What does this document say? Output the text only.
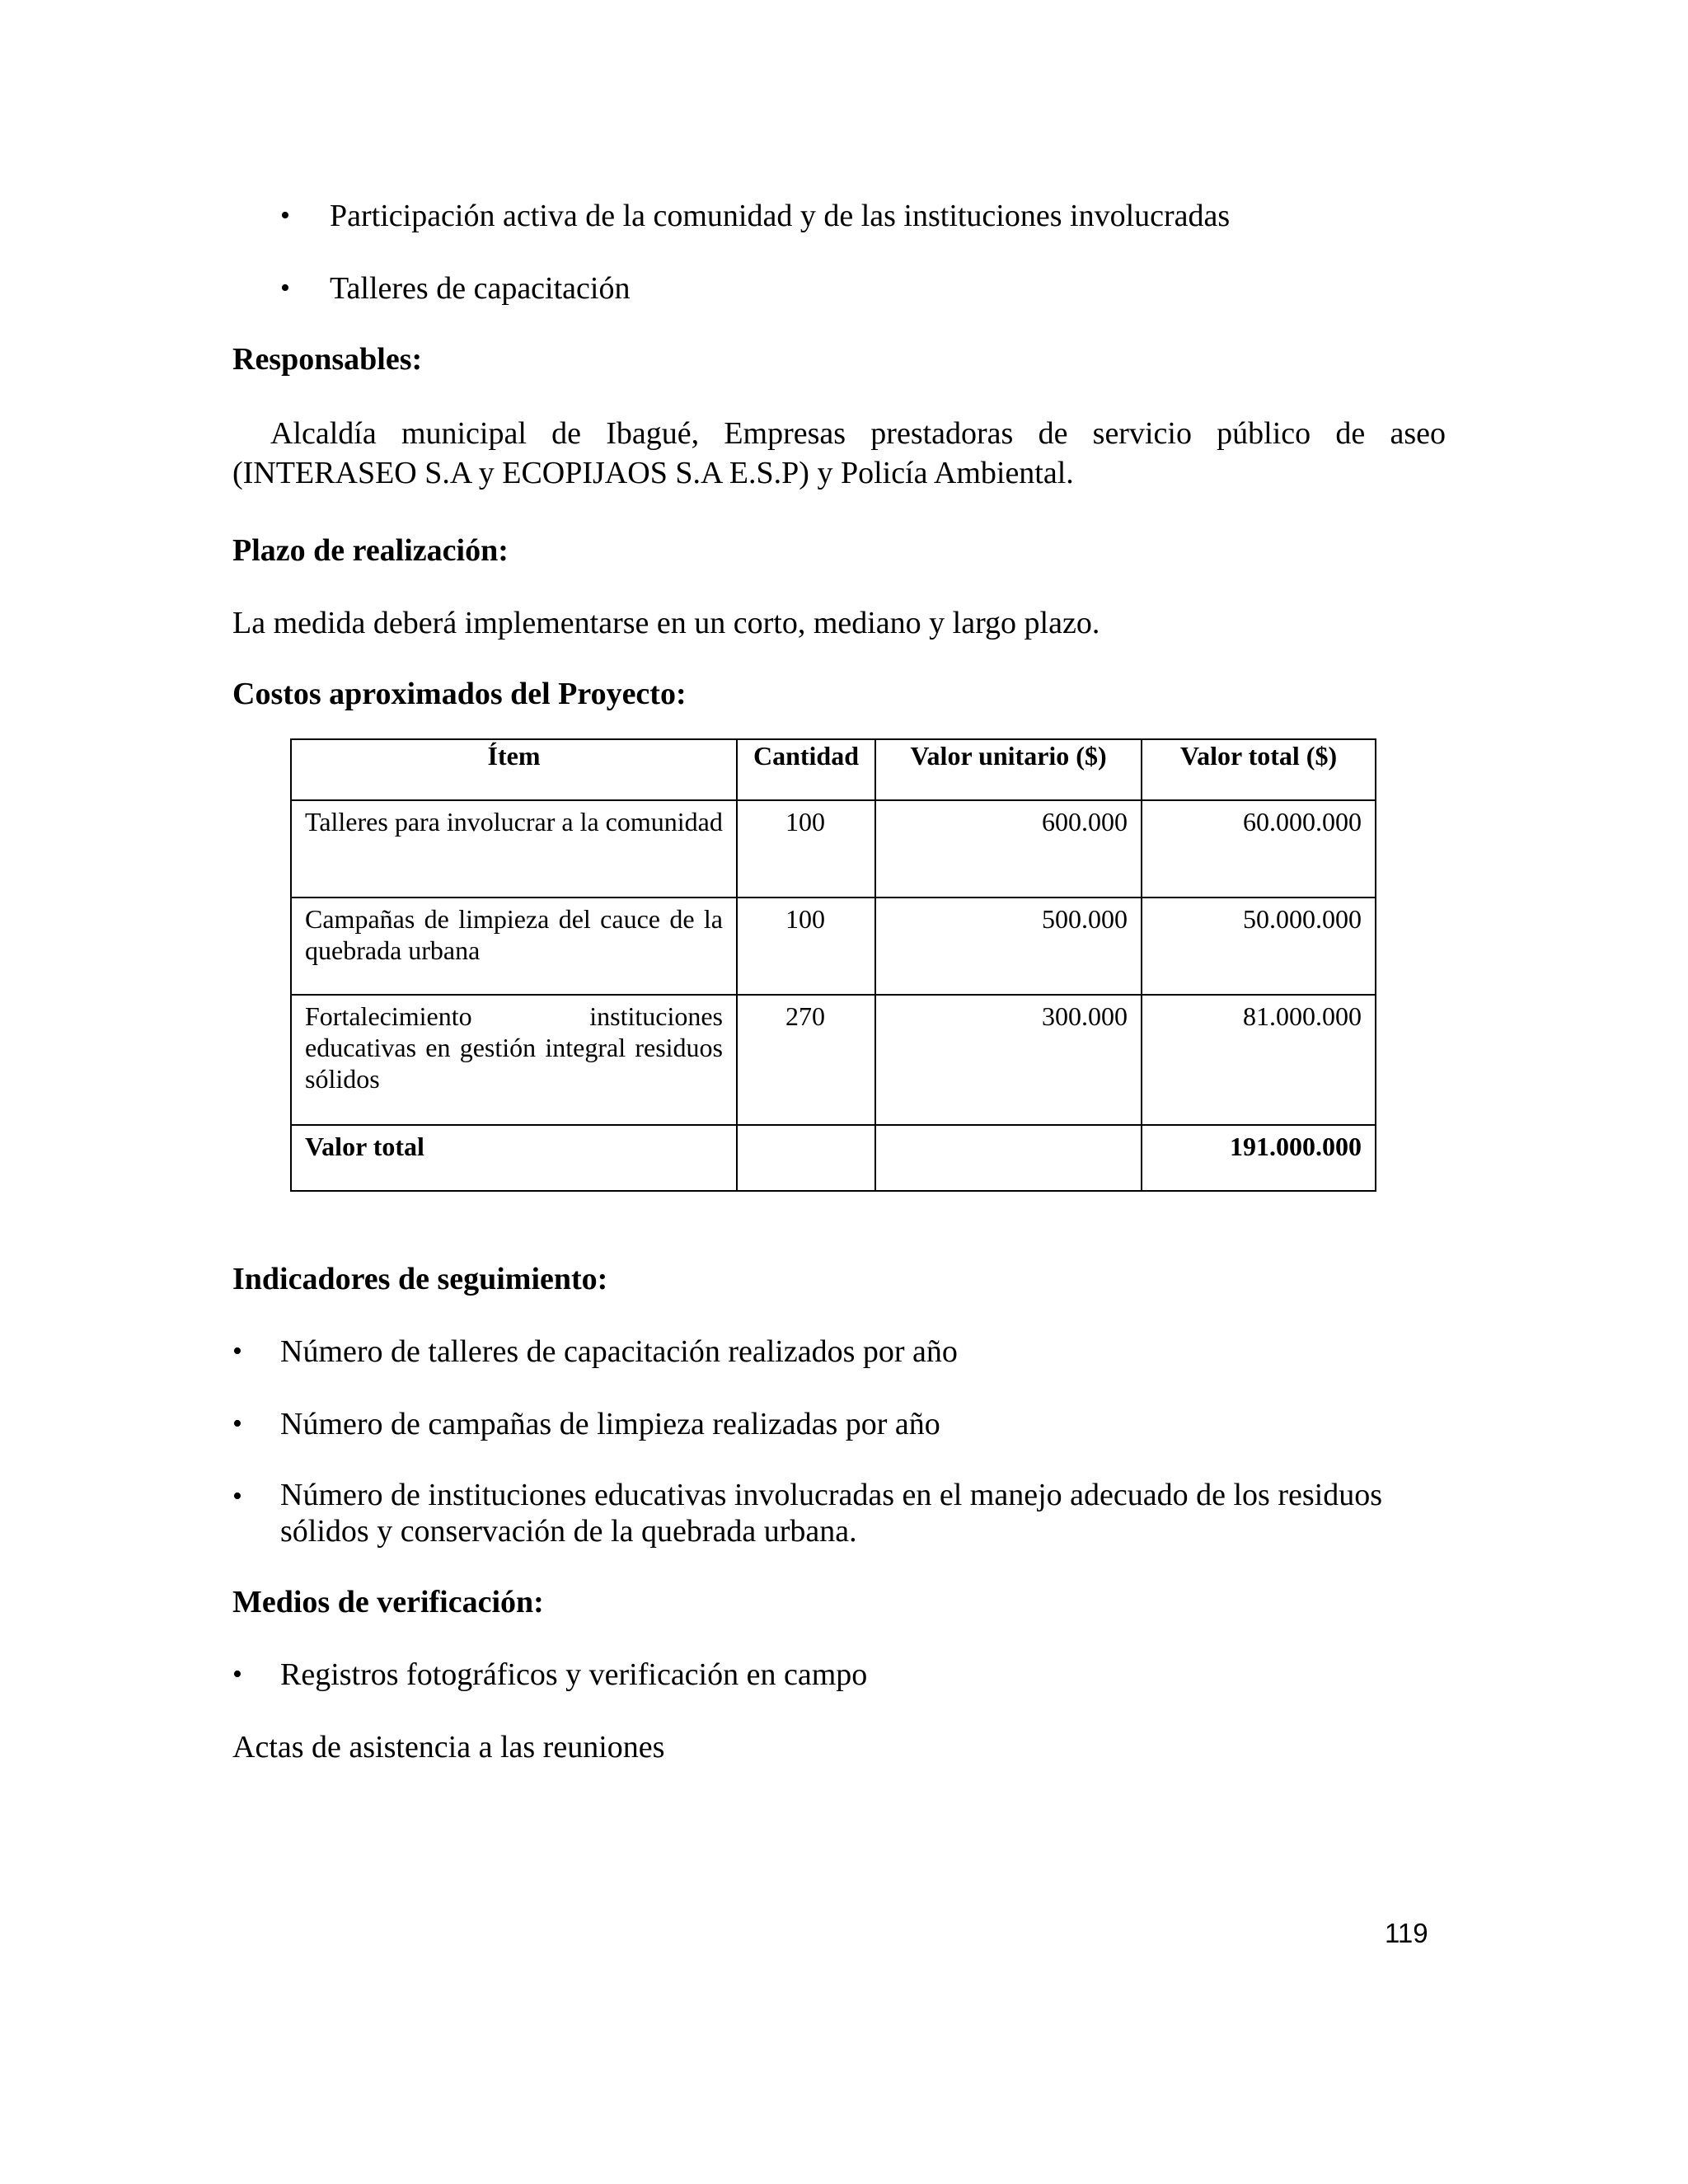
• Participación activa de la comunidad y de las instituciones involucradas
• Talleres de capacitación
Responsables:
Alcaldía municipal de Ibagué, Empresas prestadoras de servicio público de aseo (INTERASEO S.A y ECOPIJAOS S.A E.S.P) y Policía Ambiental.
Plazo de realización:
La medida deberá implementarse en un corto, mediano y largo plazo.
Costos aproximados del Proyecto:
Ítem	Cantidad	Valor unitario ($)	Valor total ($)
Talleres para involucrar a la comunidad	100	600.000	60.000.000
Campañas de limpieza del cauce de la quebrada urbana	100	500.000	50.000.000
Fortalecimiento instituciones educativas en gestión integral residuos sólidos	270	300.000	81.000.000
Valor total			191.000.000
Indicadores de seguimiento:
• Número de talleres de capacitación realizados por año
• Número de campañas de limpieza realizadas por año
• Número de instituciones educativas involucradas en el manejo adecuado de los residuos sólidos y conservación de la quebrada urbana.
Medios de verificación:
• Registros fotográficos y verificación en campo
Actas de asistencia a las reuniones
119
